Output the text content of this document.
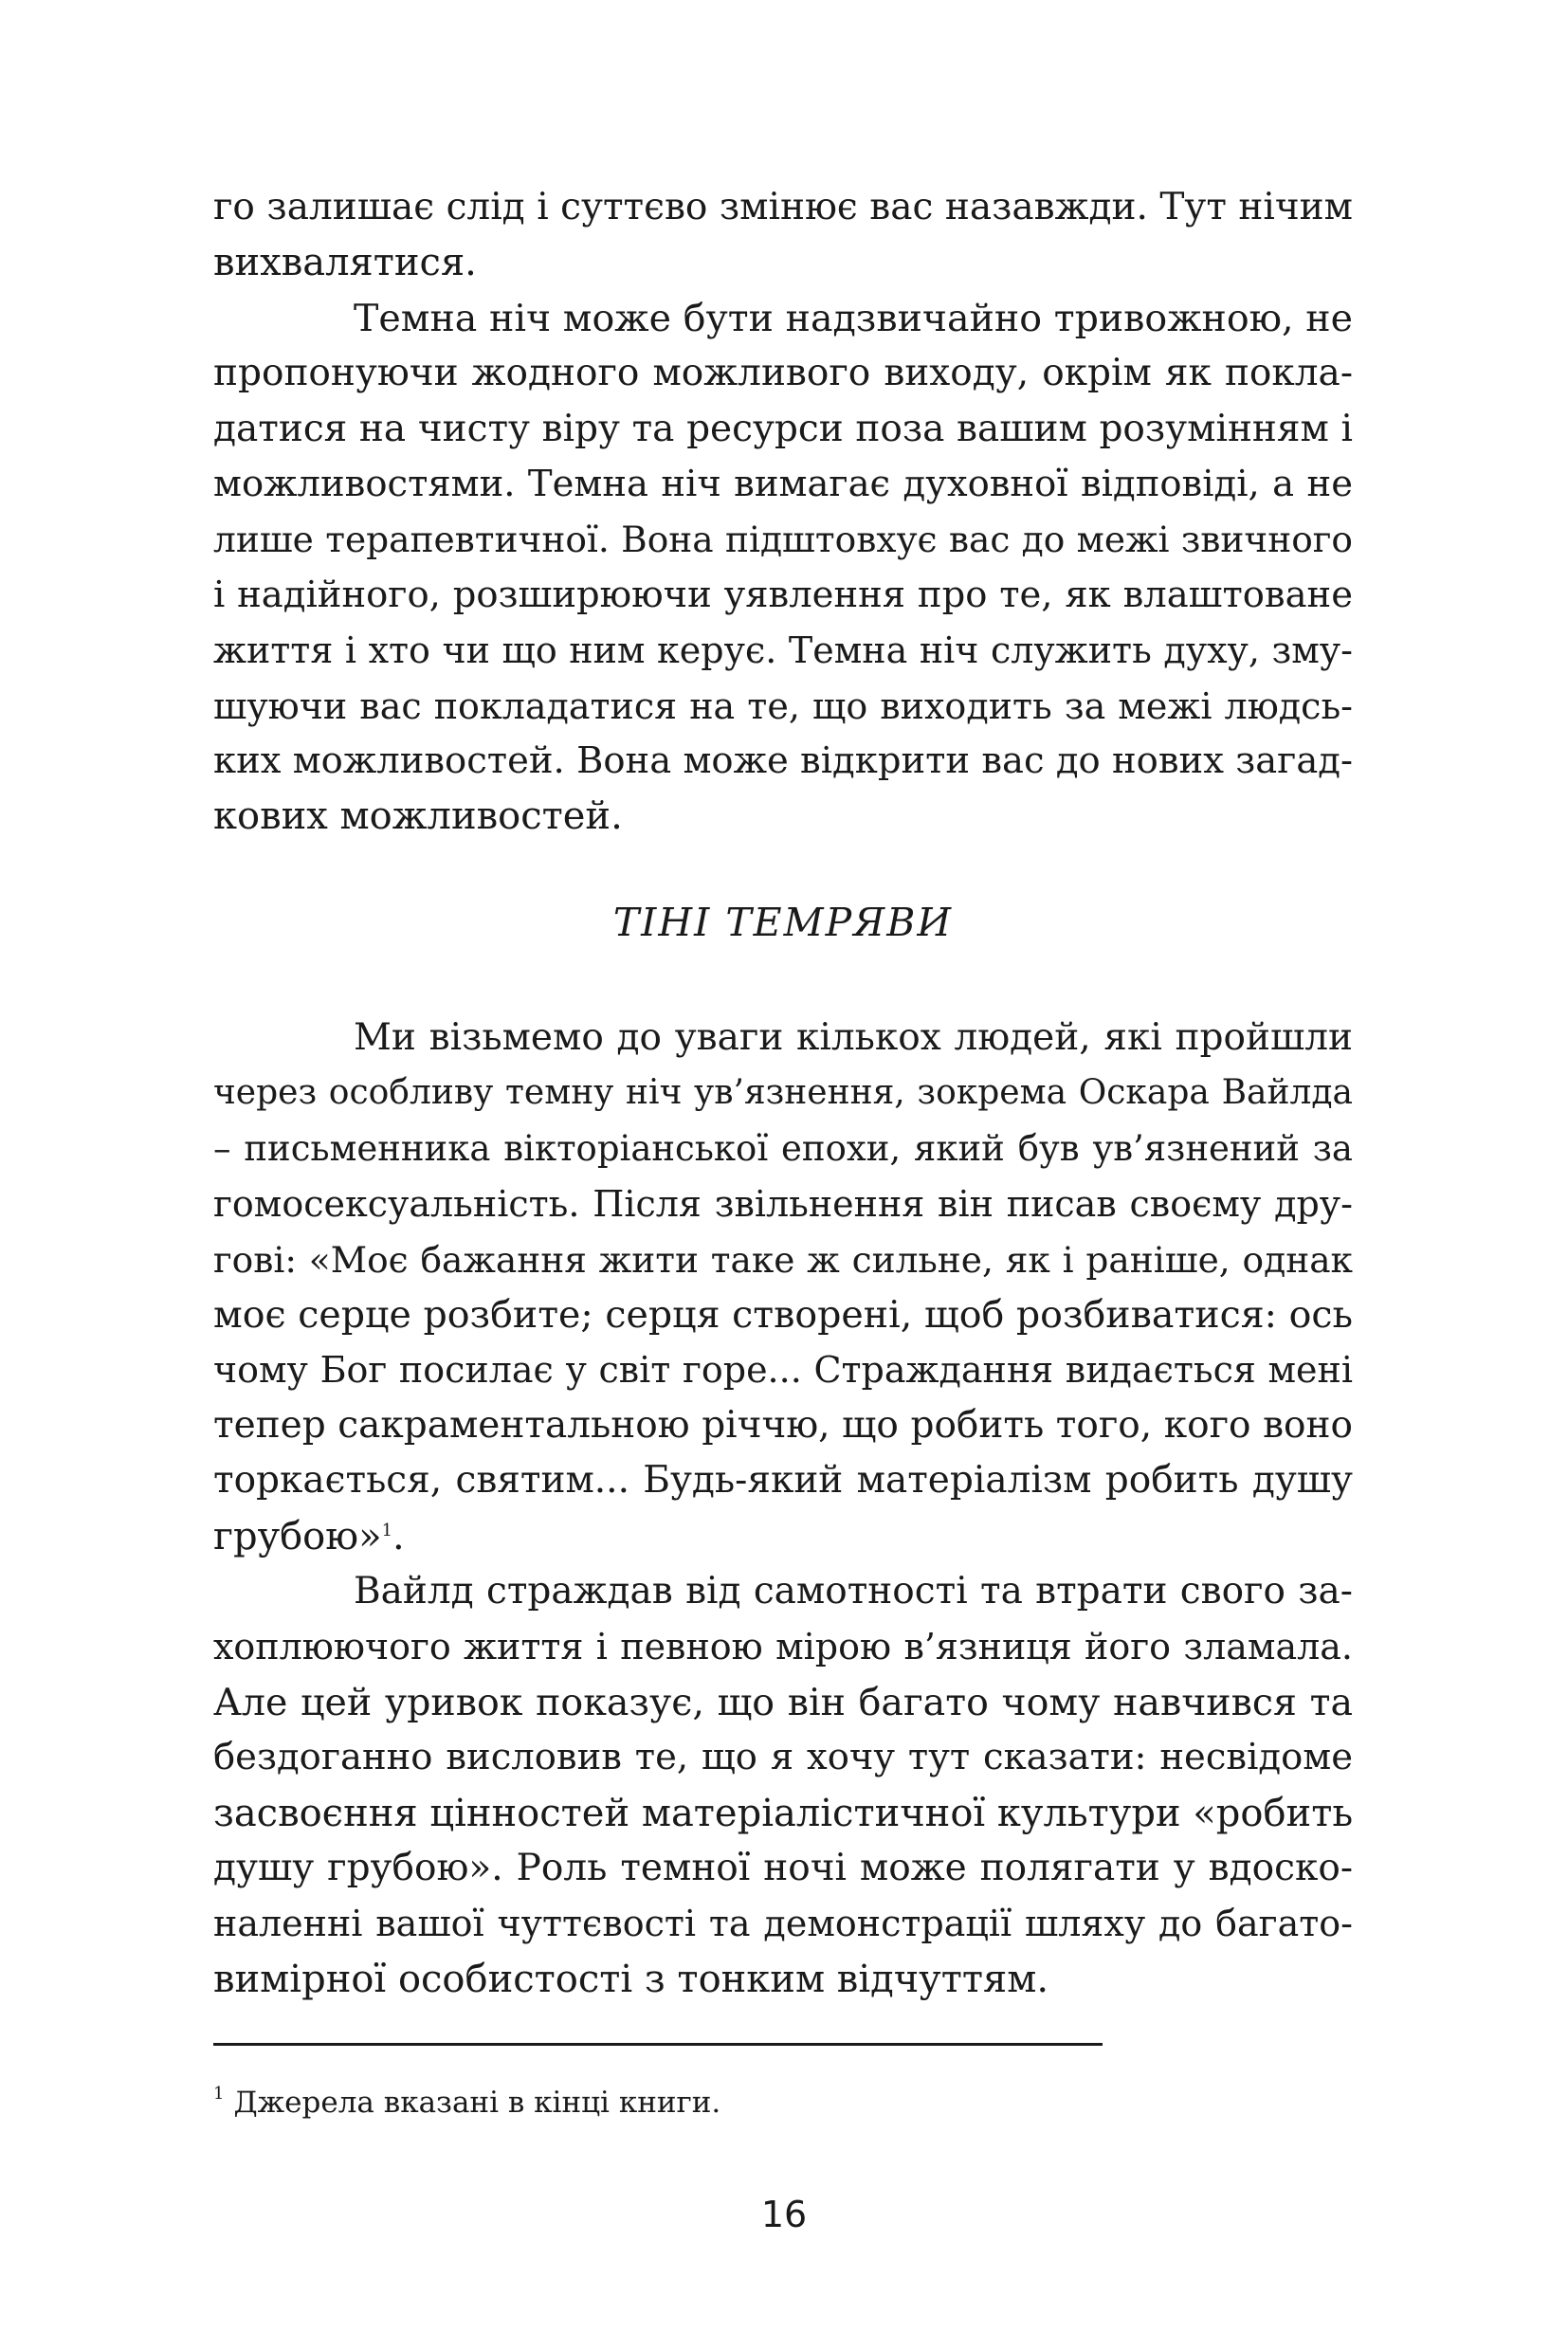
го залишає слід і суттєво змінює вас назавжди. Тут нічим
вихвалятися.
Темна ніч може бути надзвичайно тривожною, не
пропонуючи жодного можливого виходу, окрім як покла-
датися на чисту віру та ресурси поза вашим розумінням і
можливостями. Темна ніч вимагає духовної відповіді, а не
лише терапевтичної. Вона підштовхує вас до межі звичного
і надійного, розширюючи уявлення про те, як влаштоване
життя і хто чи що ним керує. Темна ніч служить духу, зму-
шуючи вас покладатися на те, що виходить за межі людсь-
ких можливостей. Вона може відкрити вас до нових загад-
кових можливостей.
ТІНІ ТЕМРЯВИ
Ми візьмемо до уваги кількох людей, які пройшли
через особливу темну ніч ув’язнення, зокрема Оскара Вайлда
– письменника вікторіанської епохи, який був ув’язнений за
гомосексуальність. Після звільнення він писав своєму дру-
гові: «Моє бажання жити таке ж сильне, як і раніше, однак
моє серце розбите; серця створені, щоб розбиватися: ось
чому Бог посилає у світ горе... Страждання видається мені
тепер сакраментальною річчю, що робить того, кого воно
торкається, святим... Будь-який матеріалізм робить душу
грубою»$^1$.
Вайлд страждав від самотності та втрати свого за-
хоплюючого життя і певною мірою в’язниця його зламала.
Але цей уривок показує, що він багато чому навчився та
бездоганно висловив те, що я хочу тут сказати: несвідоме
засвоєння цінностей матеріалістичної культури «робить
душу грубою». Роль темної ночі може полягати у вдоско-
наленні вашої чуттєвості та демонстрації шляху до багато-
вимірної особистості з тонким відчуттям.
$^1$ Джерела вказані в кінці книги.
16
